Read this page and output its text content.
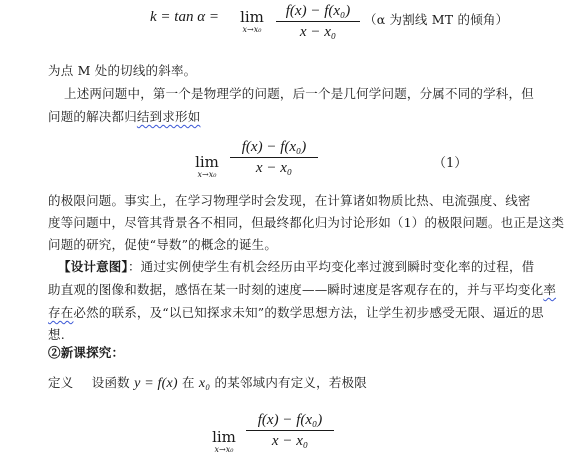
k = tan α = lim
x→x₀
f(x) − f(x₀)
x − x₀
（α 为割线 MT 的倾角）
为点 M 处的切线的斜率。
上述两问题中，第一个是物理学的问题，后一个是几何学问题，分属不同的学科，但
问题的解决都归结到求形如
lim
x→x₀
f(x) − f(x₀)
x − x₀	（1）
的极限问题。事实上，在学习物理学时会发现，在计算诸如物质比热、电流强度、线密
度等问题中，尽管其背景各不相同，但最终都化归为讨论形如（1）的极限问题。也正是这类
问题的研究，促使“导数”的概念的诞生。
【设计意图】：通过实例使学生有机会经历由平均变化率过渡到瞬时变化率的过程，借
助直观的图像和数据，感悟在某一时刻的速度——瞬时速度是客观存在的，并与平均变化率
存在必然的联系，及“以已知探求未知”的数学思想方法，让学生初步感受无限、逼近的思
想.
②新课探究：
定义 设函数 y = f(x) 在 x₀ 的某邻域内有定义，若极限
lim
x→x₀
f(x) − f(x₀)
x − x₀
